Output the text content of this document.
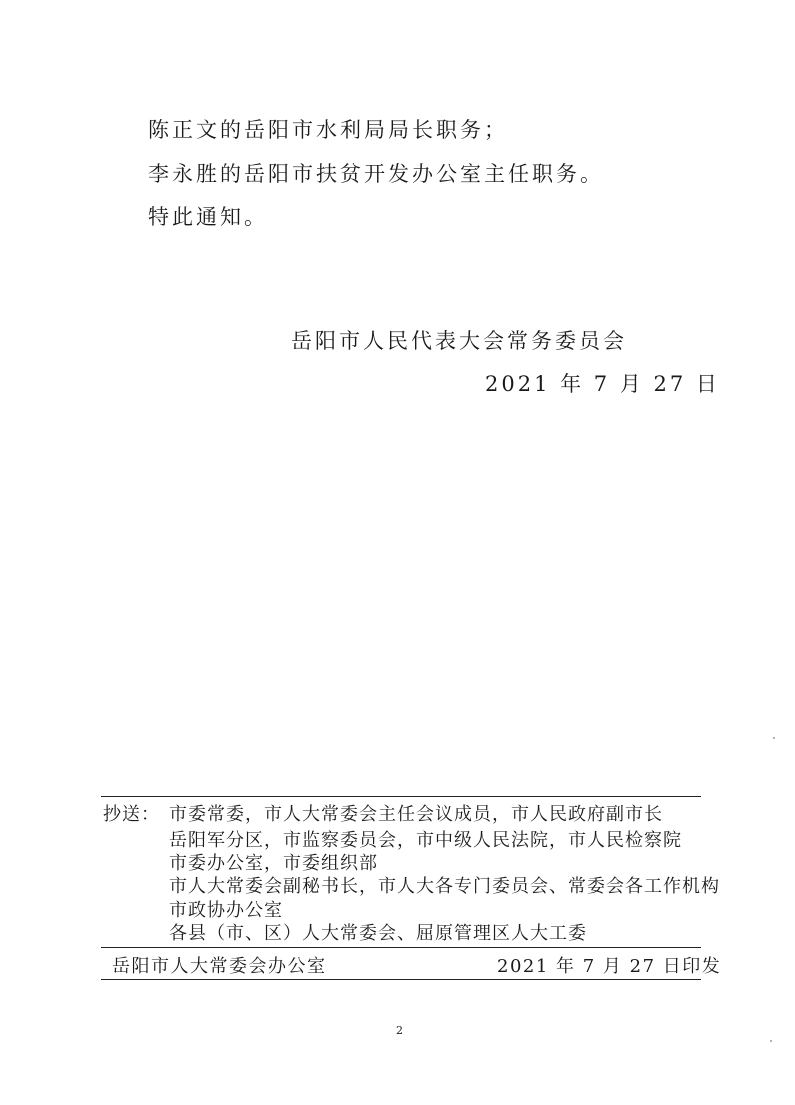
陈正文的岳阳市水利局局长职务；
李永胜的岳阳市扶贫开发办公室主任职务。
特此通知。
岳阳市人民代表大会常务委员会
2021 年 7 月 27 日
抄送： 市委常委，市人大常委会主任会议成员，市人民政府副市长
岳阳军分区，市监察委员会，市中级人民法院，市人民检察院
市委办公室，市委组织部
市人大常委会副秘书长，市人大各专门委员会、常委会各工作机构
市政协办公室
各县（市、区）人大常委会、屈原管理区人大工委
岳阳市人大常委会办公室	2021 年 7 月 27 日印发
2
